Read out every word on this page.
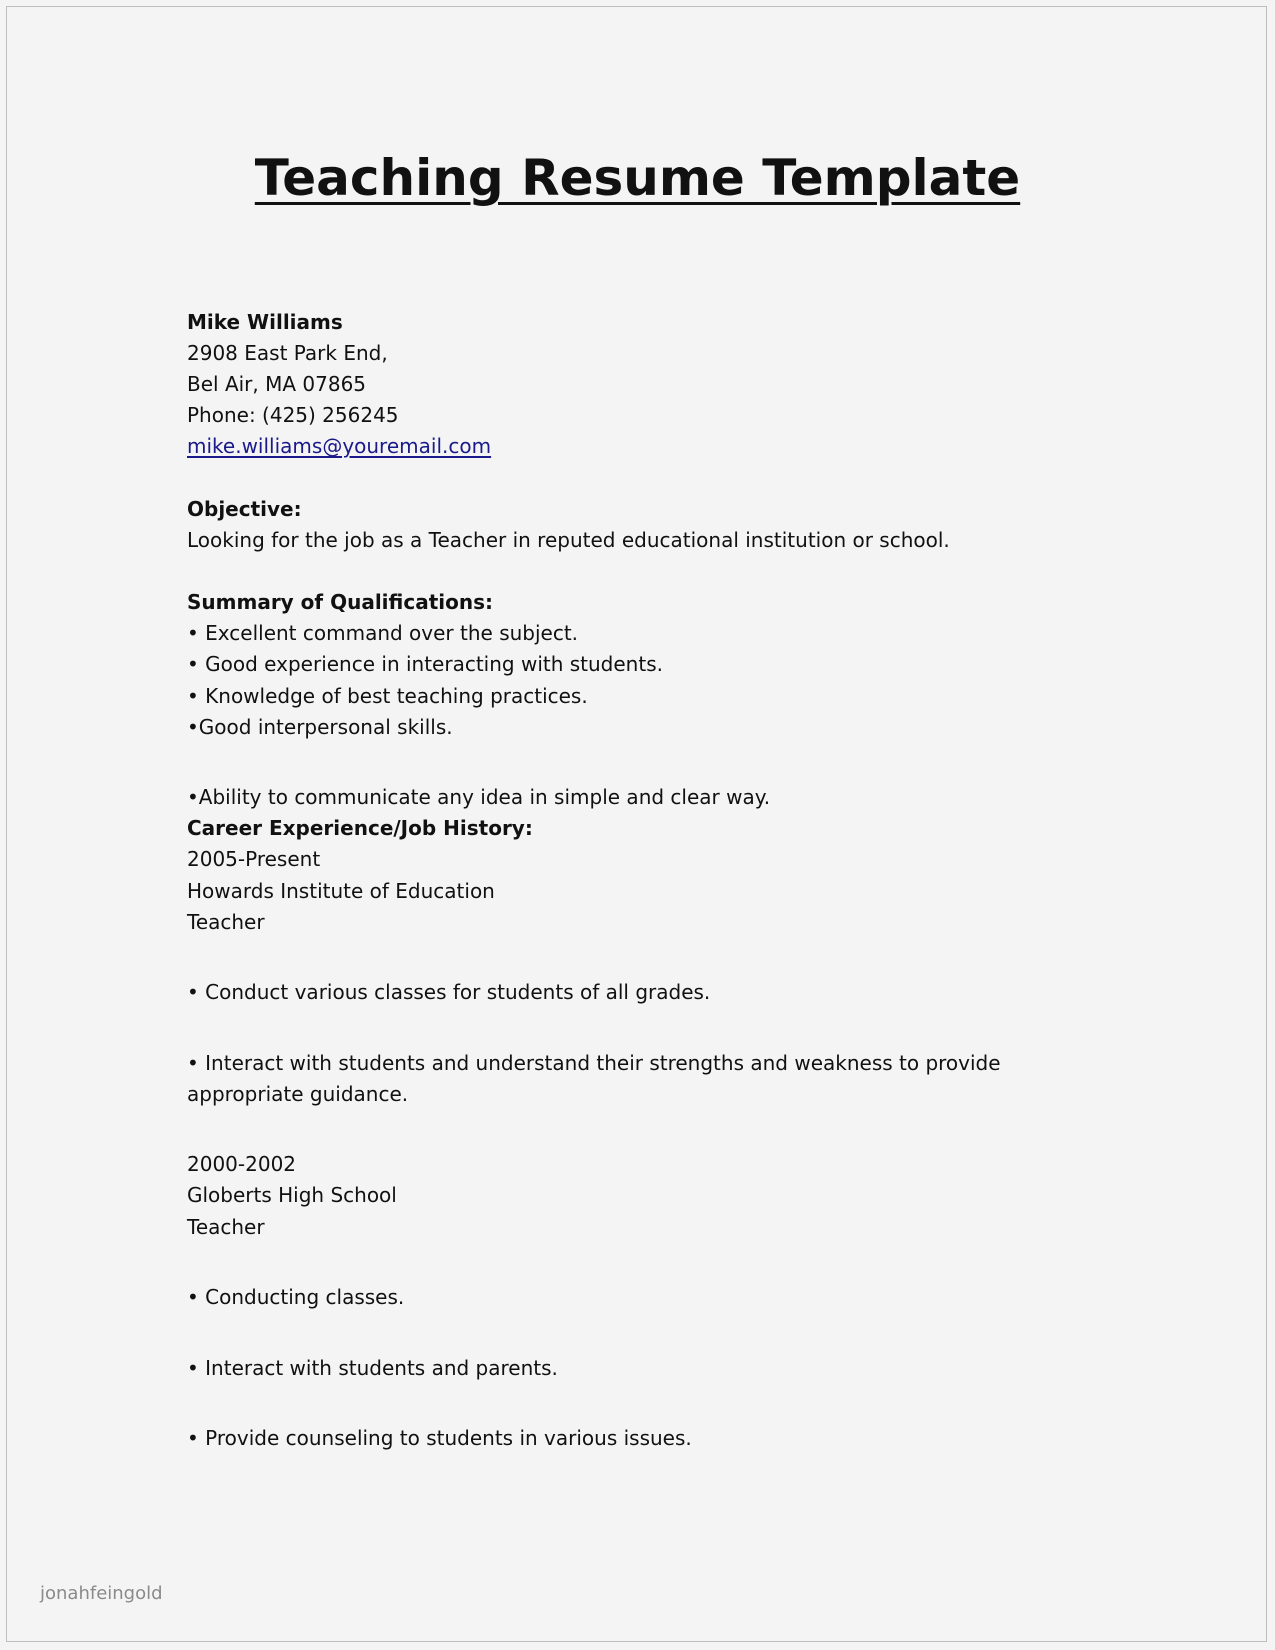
Teaching Resume Template

Mike Williams

2908 East Park End,

Bel Air, MA 07865

Phone: (425) 256245

mike.williams@youremail.com

Objective:

Looking for the job as a Teacher in reputed educational institution or school.

Summary of Qualifications:

• Excellent command over the subject.

• Good experience in interacting with students.

• Knowledge of best teaching practices.

•Good interpersonal skills.

•Ability to communicate any idea in simple and clear way.

Career Experience/Job History:

2005-Present

Howards Institute of Education

Teacher

• Conduct various classes for students of all grades.

• Interact with students and understand their strengths and weakness to provide

appropriate guidance.

2000-2002

Globerts High School

Teacher

• Conducting classes.

• Interact with students and parents.

• Provide counseling to students in various issues.

jonahfeingold
